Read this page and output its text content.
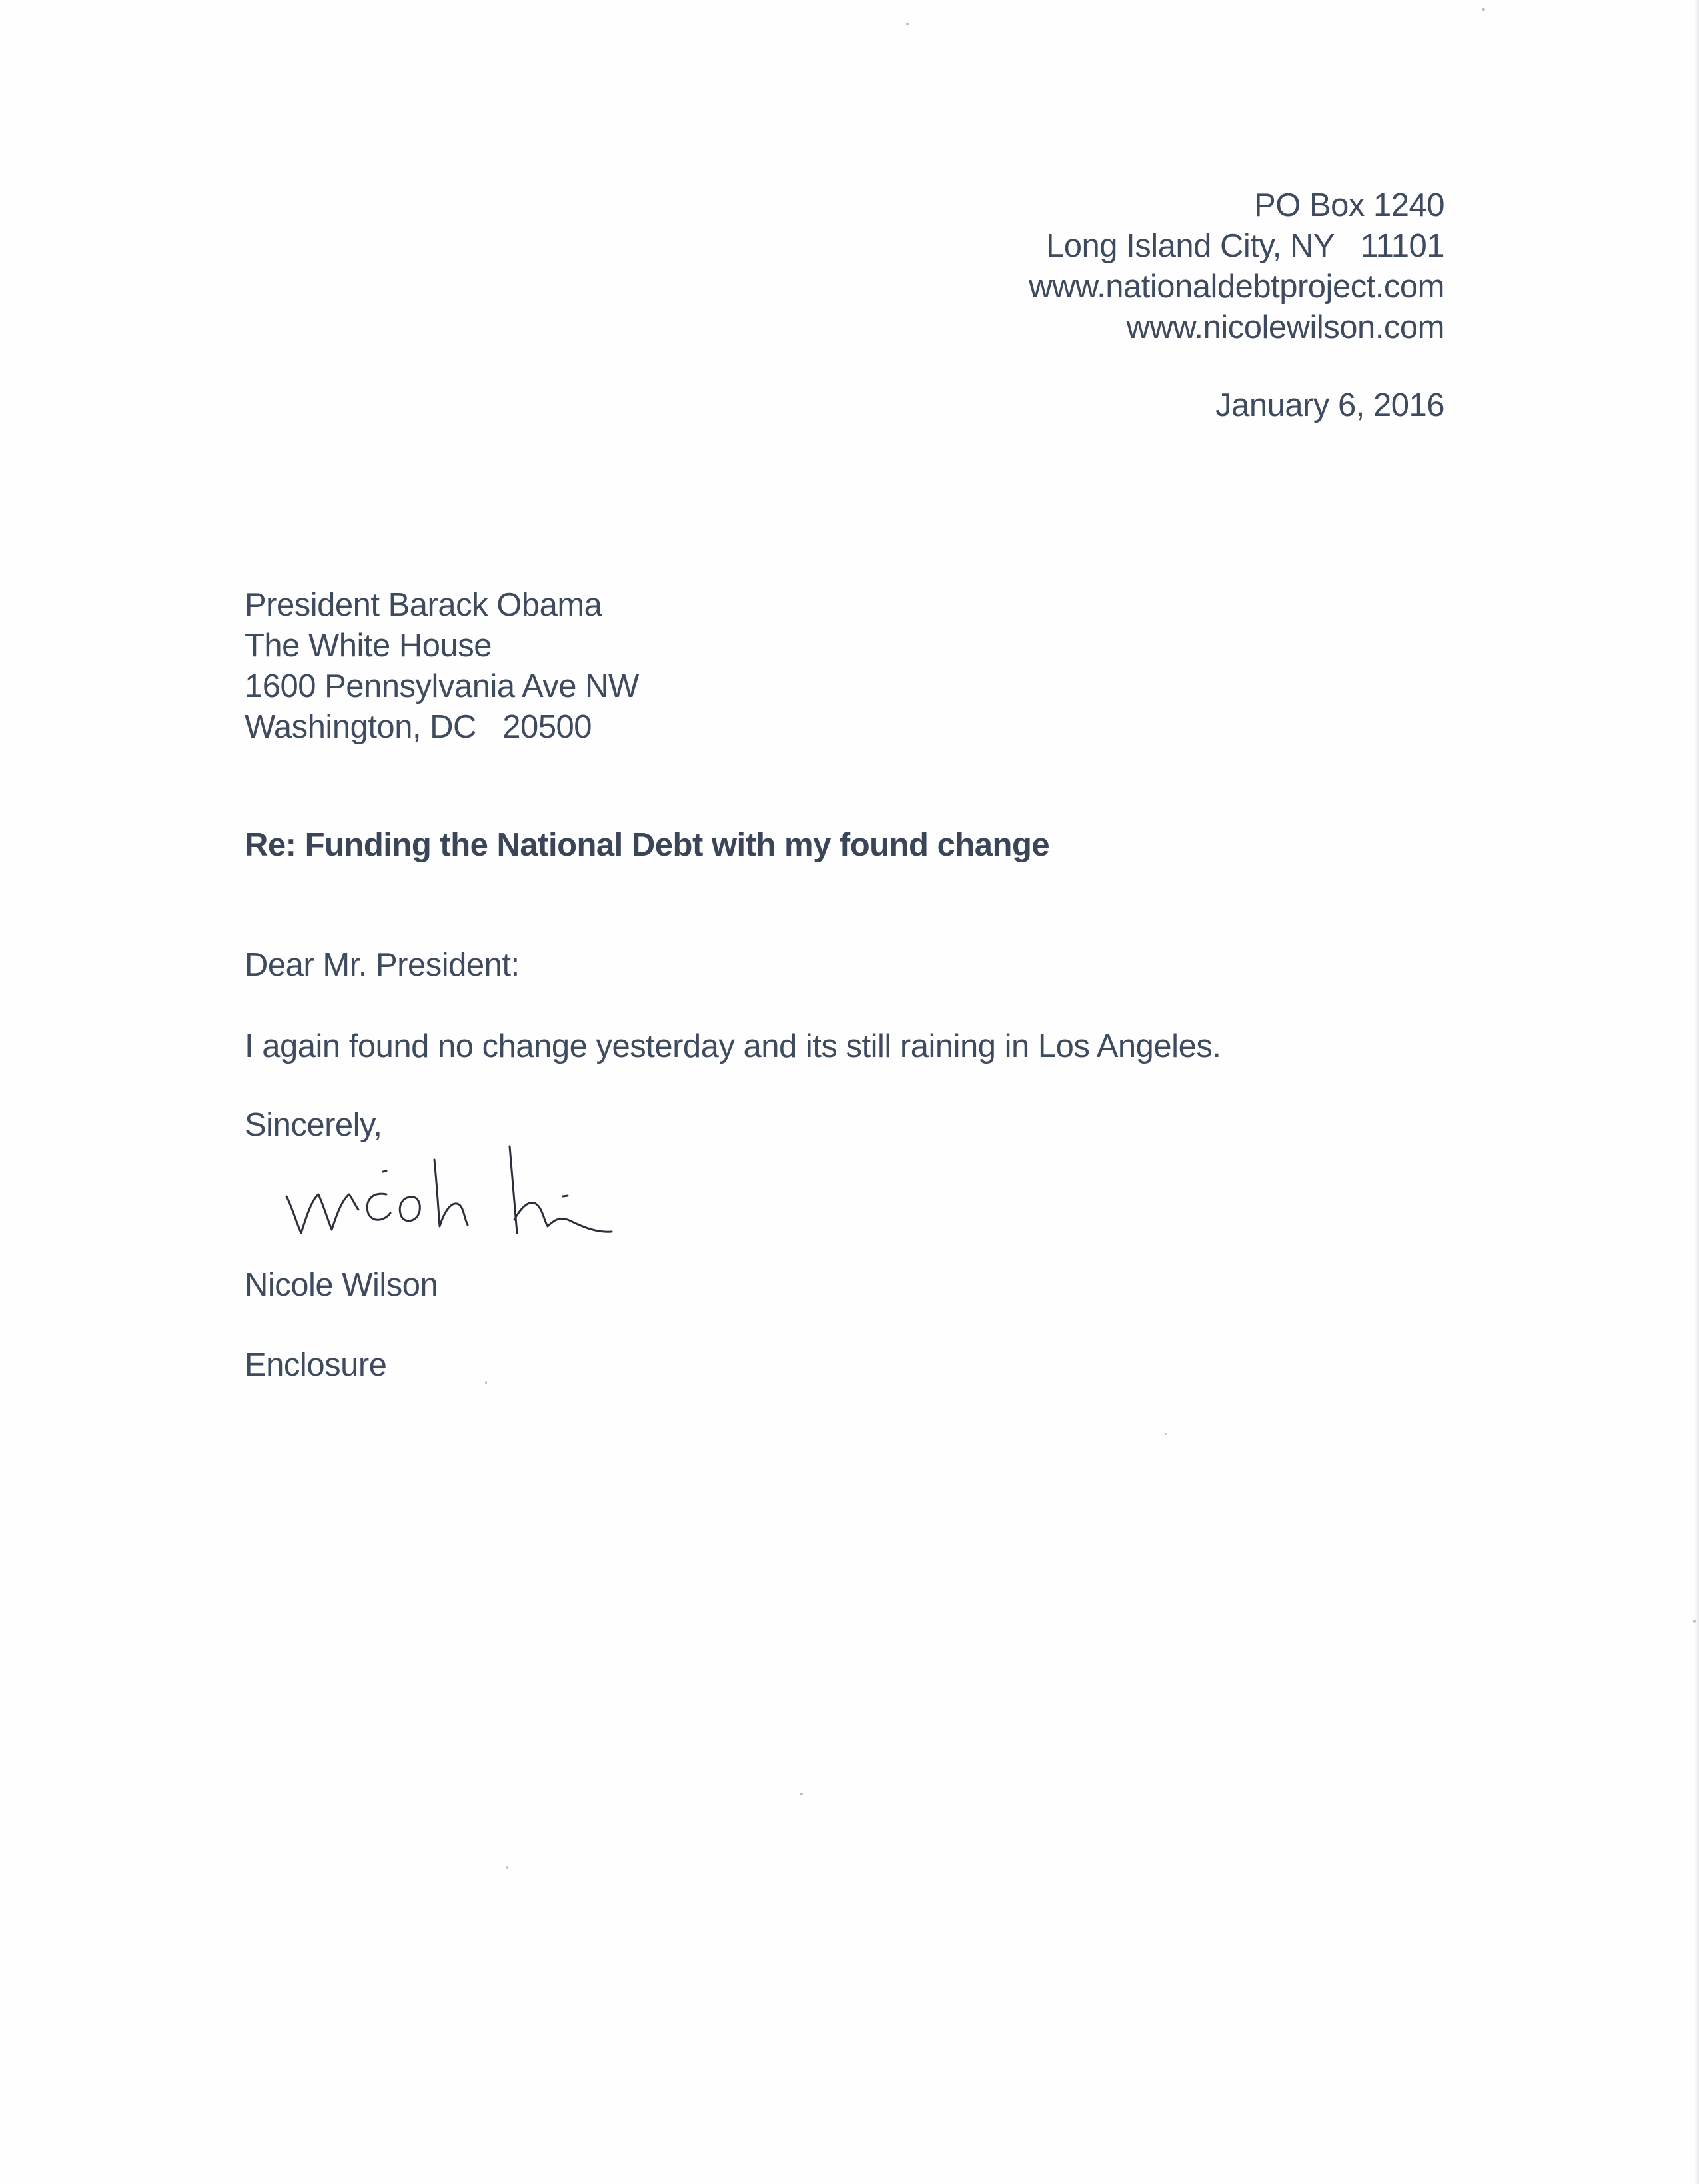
PO Box 1240
Long Island City, NY   11101
www.nationaldebtproject.com
www.nicolewilson.com
January 6, 2016
President Barack Obama
The White House
1600 Pennsylvania Ave NW
Washington, DC   20500
Re: Funding the National Debt with my found change
Dear Mr. President:
I again found no change yesterday and its still raining in Los Angeles.
Sincerely,
Nicole Wilson
Enclosure
